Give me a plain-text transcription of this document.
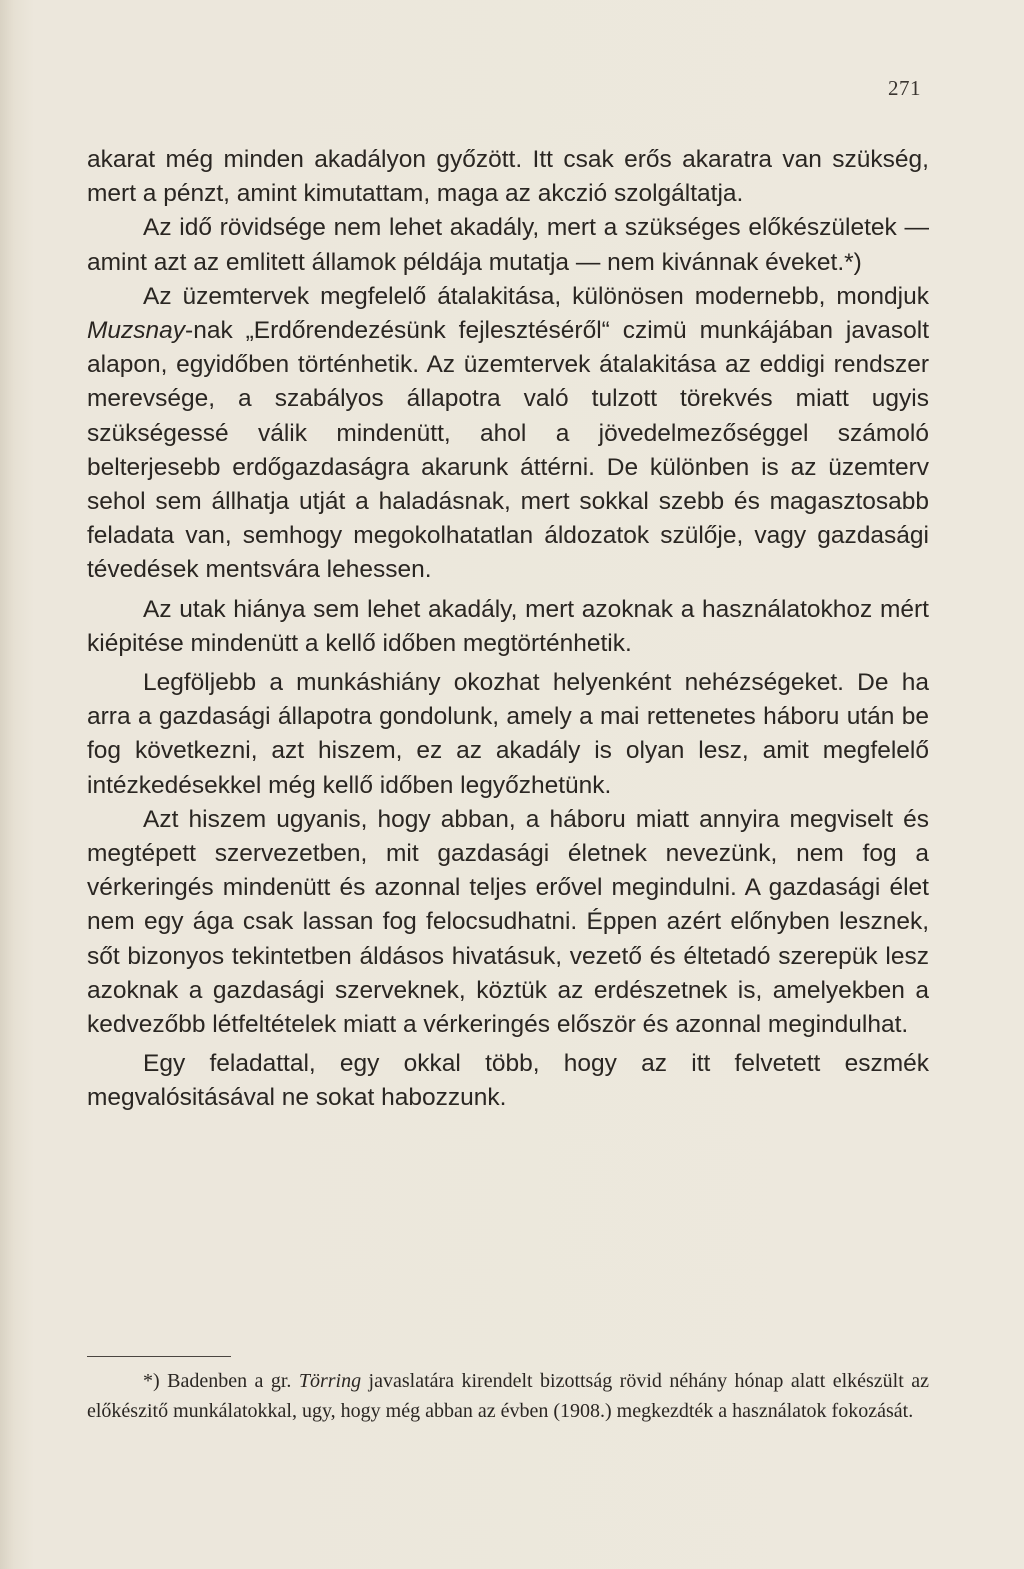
271

akarat még minden akadályon győzött. Itt csak erős akaratra van szükség, mert a pénzt, amint kimutattam, maga az akczió szolgáltatja.

Az idő rövidsége nem lehet akadály, mert a szükséges előkészületek — amint azt az emlitett államok példája mutatja — nem kivánnak éveket.*)

Az üzemtervek megfelelő átalakitása, különösen modernebb, mondjuk Muzsnay-nak „Erdőrendezésünk fejlesztéséről“ czimü munkájában javasolt alapon, egyidőben történhetik. Az üzemtervek átalakitása az eddigi rendszer merevsége, a szabályos állapotra való tulzott törekvés miatt ugyis szükségessé válik mindenütt, ahol a jövedelmezőséggel számoló belterjesebb erdőgazdaságra akarunk áttérni. De különben is az üzemterv sehol sem állhatja utját a haladásnak, mert sokkal szebb és magasztosabb feladata van, semhogy megokolhatatlan áldozatok szülője, vagy gazdasági tévedések mentsvára lehessen.

Az utak hiánya sem lehet akadály, mert azoknak a használatokhoz mért kiépitése mindenütt a kellő időben megtörténhetik.

Legföljebb a munkáshiány okozhat helyenként nehézségeket. De ha arra a gazdasági állapotra gondolunk, amely a mai rettenetes háboru után be fog következni, azt hiszem, ez az akadály is olyan lesz, amit megfelelő intézkedésekkel még kellő időben legyőzhetünk.

Azt hiszem ugyanis, hogy abban, a háboru miatt annyira megviselt és megtépett szervezetben, mit gazdasági életnek nevezünk, nem fog a vérkeringés mindenütt és azonnal teljes erővel megindulni. A gazdasági élet nem egy ága csak lassan fog felocsudhatni. Éppen azért előnyben lesznek, sőt bizonyos tekintetben áldásos hivatásuk, vezető és éltetadó szerepük lesz azoknak a gazdasági szerveknek, köztük az erdészetnek is, amelyekben a kedvezőbb létfeltételek miatt a vérkeringés először és azonnal megindulhat.

Egy feladattal, egy okkal több, hogy az itt felvetett eszmék megvalósitásával ne sokat habozzunk.

*) Badenben a gr. Törring javaslatára kirendelt bizottság rövid néhány hónap alatt elkészült az előkészitő munkálatokkal, ugy, hogy még abban az évben (1908.) megkezdték a használatok fokozását.
